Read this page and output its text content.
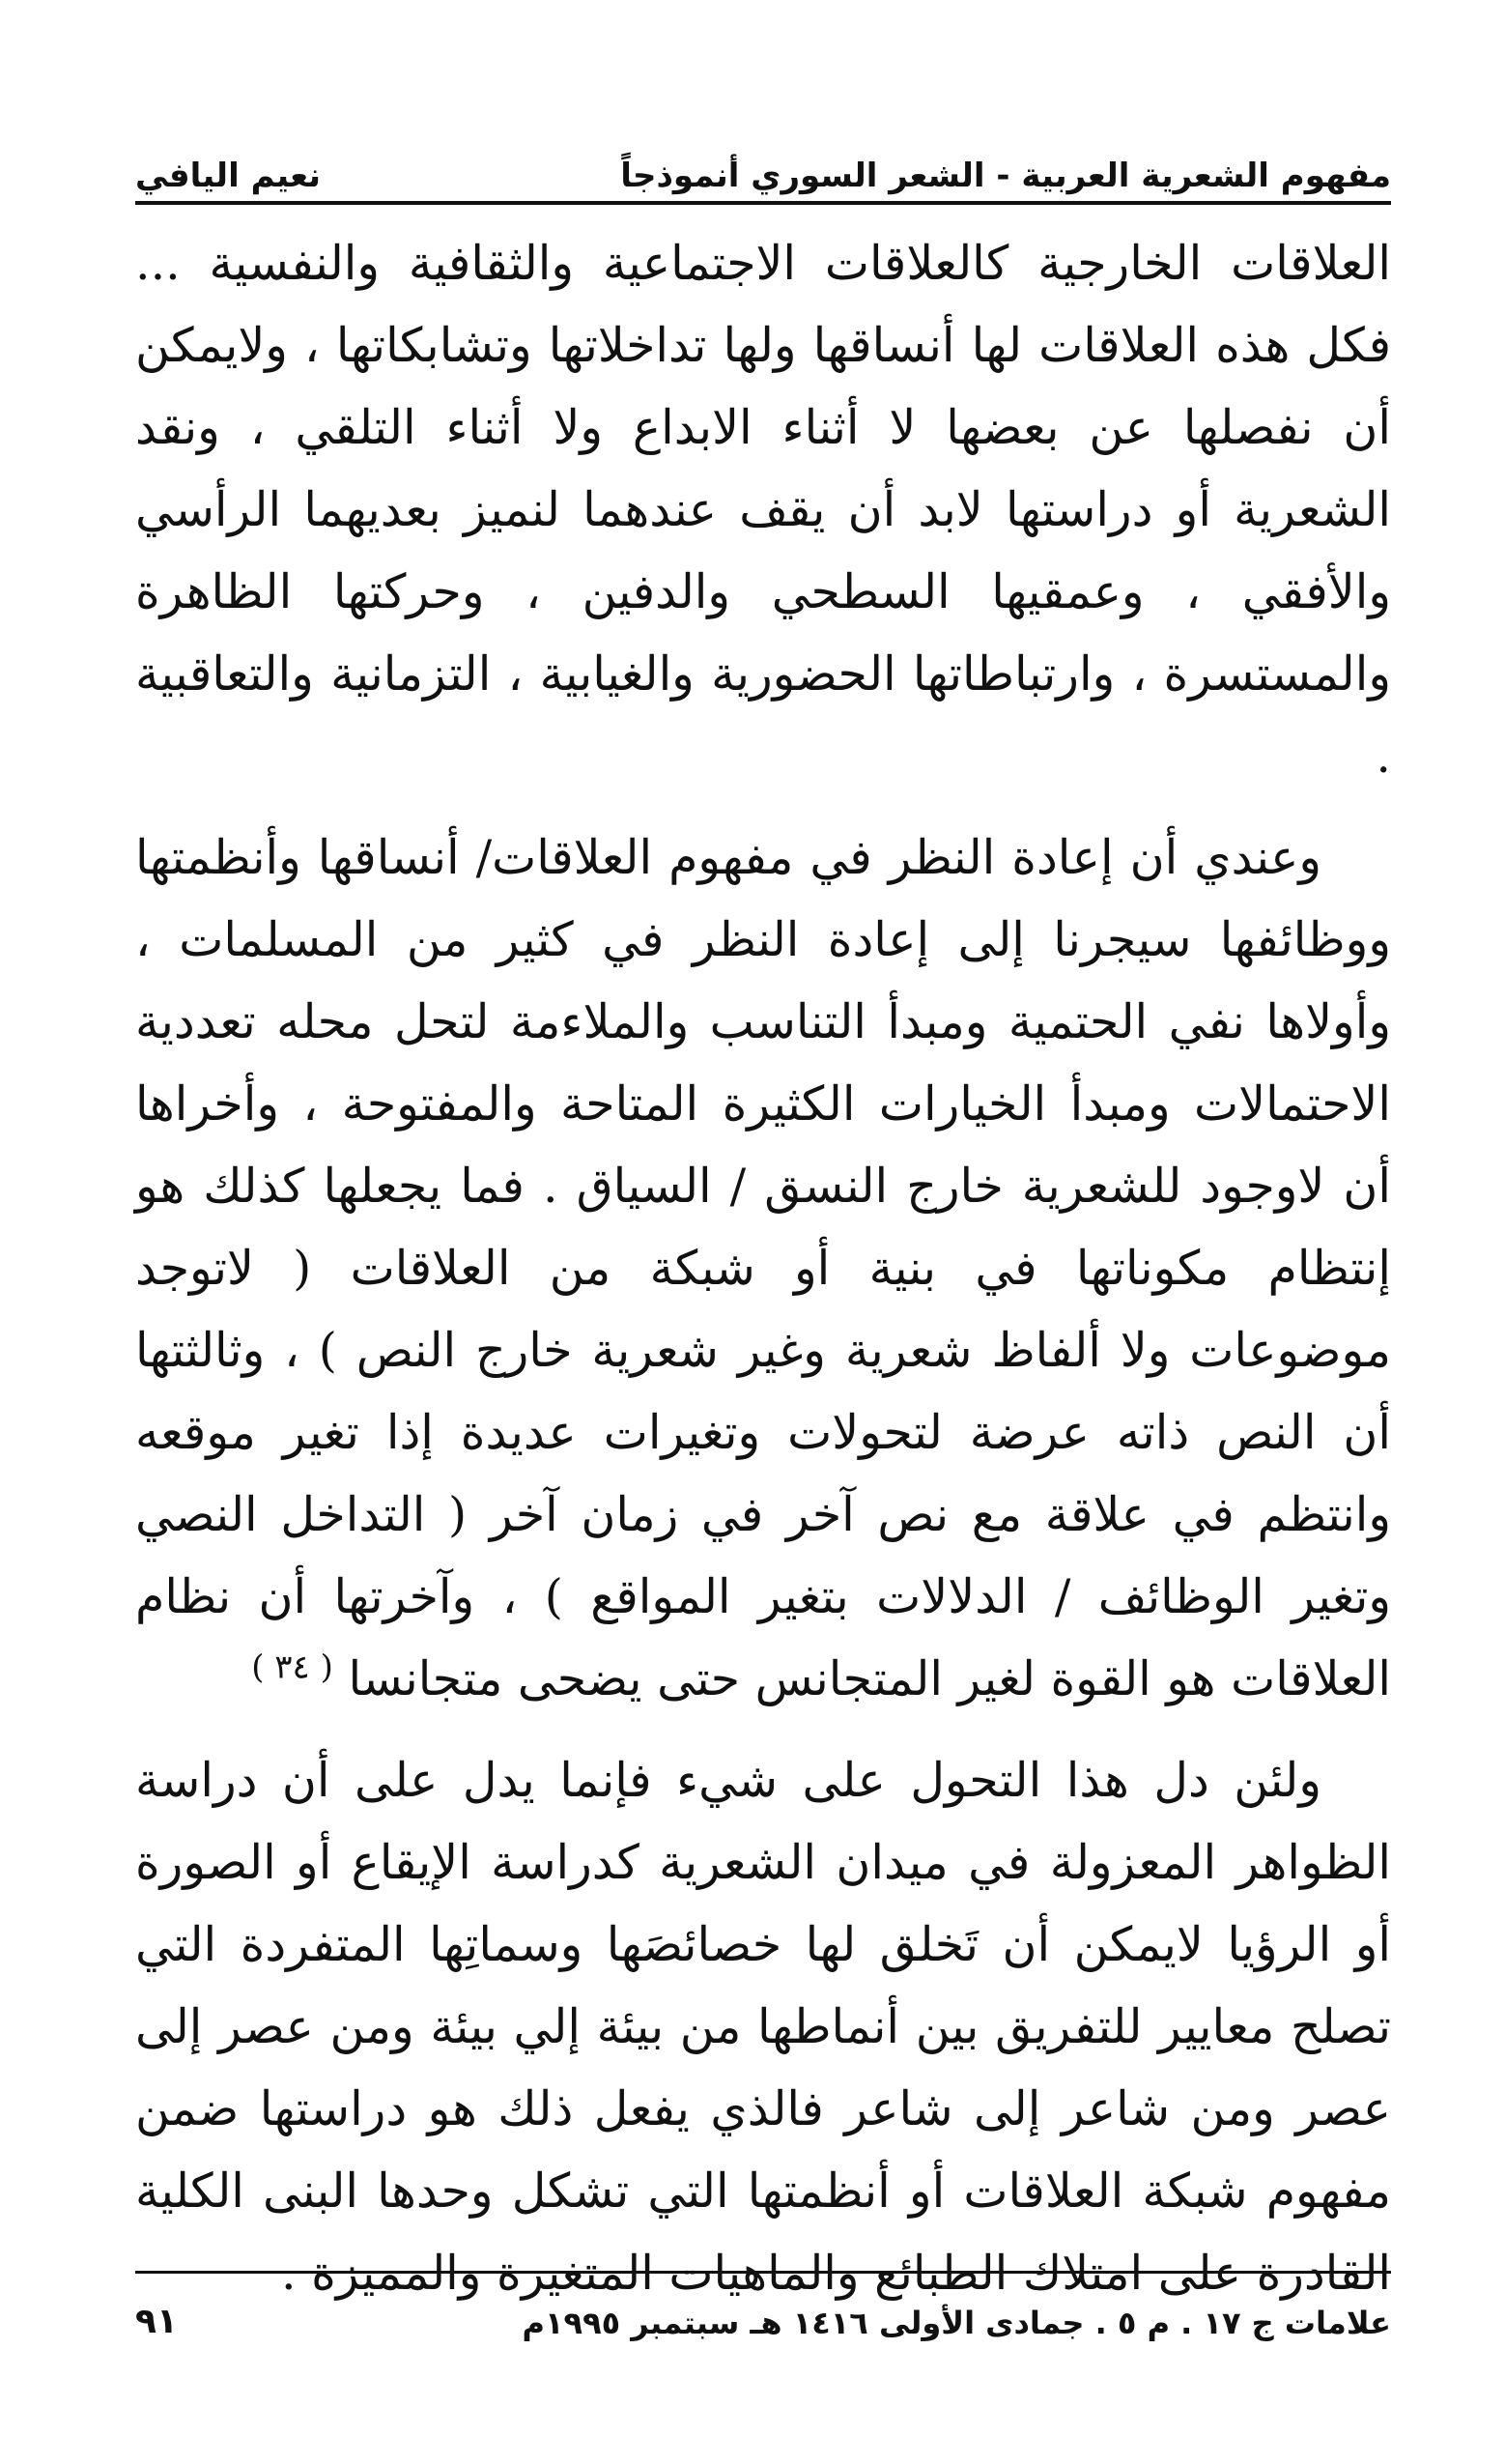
مفهوم الشعرية العربية - الشعر السوري أنموذجاً
نعيم اليافي

العلاقات الخارجية كالعلاقات الاجتماعية والثقافية والنفسية ... فكل هذه العلاقات لها أنساقها ولها تداخلاتها وتشابكاتها ، ولايمكن أن نفصلها عن بعضها لا أثناء الابداع ولا أثناء التلقي ، ونقد الشعرية أو دراستها لابد أن يقف عندهما لنميز بعديهما الرأسي والأفقي ، وعمقيها السطحي والدفين ، وحركتها الظاهرة والمستسرة ، وارتباطاتها الحضورية والغيابية ، التزمانية والتعاقبية .

وعندي أن إعادة النظر في مفهوم العلاقات/ أنساقها وأنظمتها ووظائفها سيجرنا إلى إعادة النظر في كثير من المسلمات ، وأولاها نفي الحتمية ومبدأ التناسب والملاءمة لتحل محله تعددية الاحتمالات ومبدأ الخيارات الكثيرة المتاحة والمفتوحة ، وأخراها أن لاوجود للشعرية خارج النسق / السياق . فما يجعلها كذلك هو إنتظام مكوناتها في بنية أو شبكة من العلاقات ( لاتوجد موضوعات ولا ألفاظ شعرية وغير شعرية خارج النص ) ، وثالثتها أن النص ذاته عرضة لتحولات وتغيرات عديدة إذا تغير موقعه وانتظم في علاقة مع نص آخر في زمان آخر ( التداخل النصي وتغير الوظائف / الدلالات بتغير المواقع ) ، وآخرتها أن نظام العلاقات هو القوة لغير المتجانس حتى يضحى متجانسا $^{( ٣٤ )}$

ولئن دل هذا التحول على شيء فإنما يدل على أن دراسة الظواهر المعزولة في ميدان الشعرية كدراسة الإيقاع أو الصورة أو الرؤيا لايمكن أن تَخلق لها خصائصَها وسماتِها المتفردة التي تصلح معايير للتفريق بين أنماطها من بيئة إلي بيئة ومن عصر إلى عصر ومن شاعر إلى شاعر فالذي يفعل ذلك هو دراستها ضمن مفهوم شبكة العلاقات أو أنظمتها التي تشكل وحدها البنى الكلية القادرة على امتلاك الطبائع والماهيات المتغيرة والمميزة .

علامات ج ١٧ . م ٥ . جمادى الأولى ١٤١٦ هـ سبتمبر ١٩٩٥م
٩١
